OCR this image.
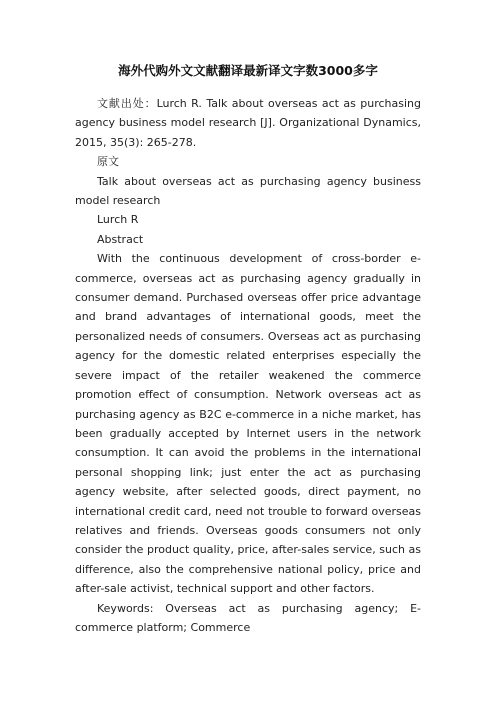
海外代购外文文献翻译最新译文字数3000多字

文献出处：Lurch R. Talk about overseas act as purchasing agency business model research [J]. Organizational Dynamics, 2015, 35(3): 265-278.

原文

Talk about overseas act as purchasing agency business model research

Lurch R

Abstract

With the continuous development of cross-border e-commerce, overseas act as purchasing agency gradually in consumer demand. Purchased overseas offer price advantage and brand advantages of international goods, meet the personalized needs of consumers. Overseas act as purchasing agency for the domestic related enterprises especially the severe impact of the retailer weakened the commerce promotion effect of consumption. Network overseas act as purchasing agency as B2C e-commerce in a niche market, has been gradually accepted by Internet users in the network consumption. It can avoid the problems in the international personal shopping link; just enter the act as purchasing agency website, after selected goods, direct payment, no international credit card, need not trouble to forward overseas relatives and friends. Overseas goods consumers not only consider the product quality, price, after-sales service, such as difference, also the comprehensive national policy, price and after-sale activist, technical support and other factors.

Keywords: Overseas act as purchasing agency; E-commerce platform; Commerce
